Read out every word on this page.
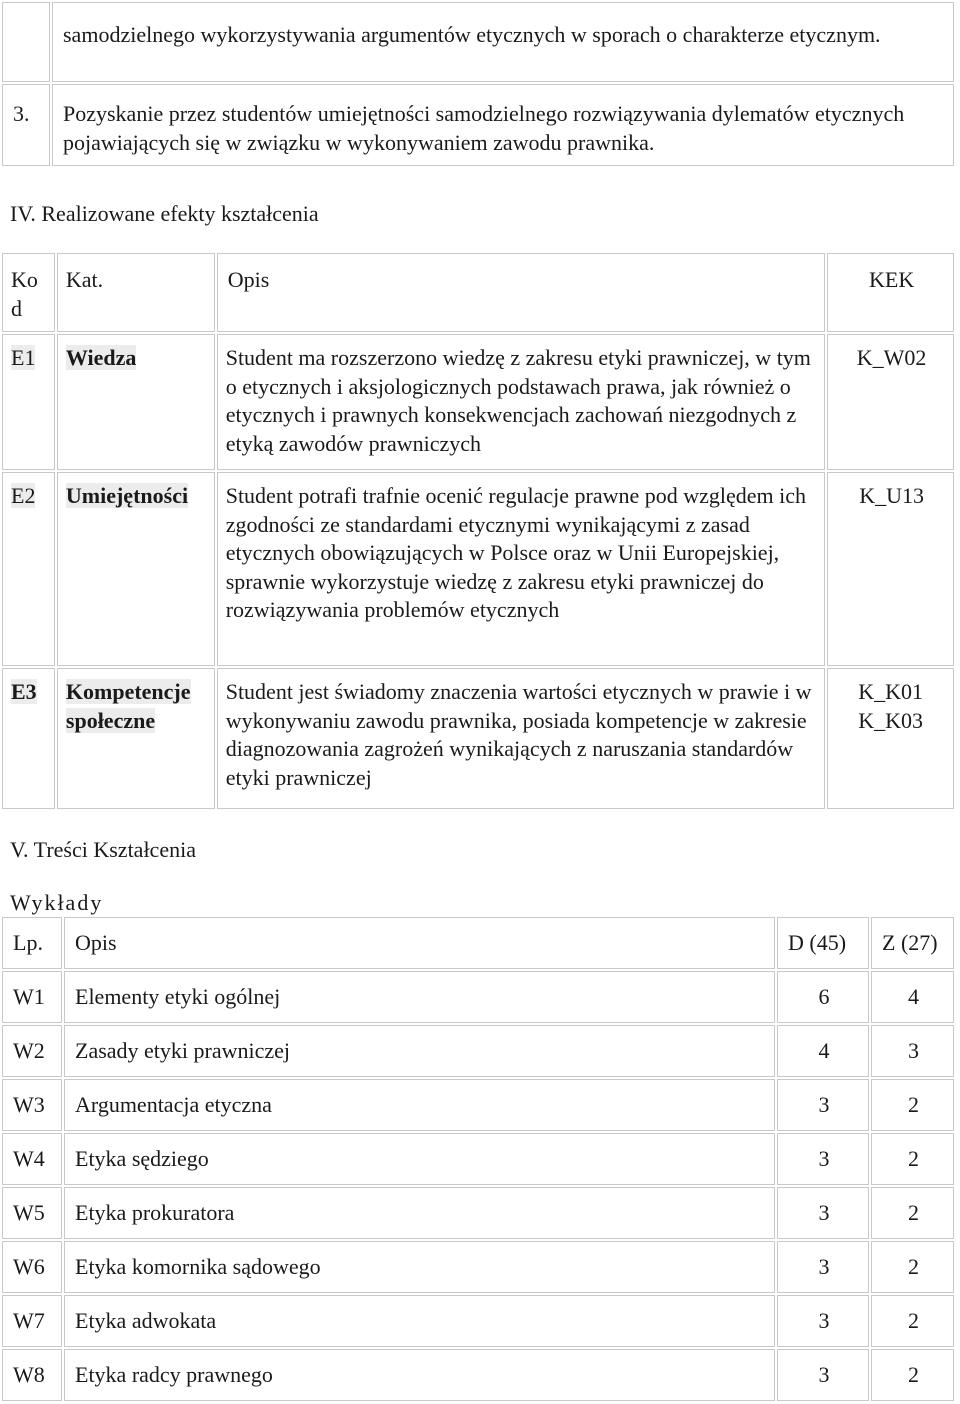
	samodzielnego wykorzystywania argumentów etycznych w sporach o charakterze etycznym.
3.	Pozyskanie przez studentów umiejętności samodzielnego rozwiązywania dylematów etycznych pojawiających się w związku w wykonywaniem zawodu prawnika.
IV. Realizowane efekty kształcenia
Ko d	Kat.	Opis	KEK
E1	Wiedza	Student ma rozszerzono wiedzę z zakresu etyki prawniczej, w tym o etycznych i aksjologicznych podstawach prawa, jak również o etycznych i prawnych konsekwencjach zachowań niezgodnych z etyką zawodów prawniczych	K_W02
E2	Umiejętności	Student potrafi trafnie ocenić regulacje prawne pod względem ich zgodności ze standardami etycznymi wynikającymi z zasad etycznych obowiązujących w Polsce oraz w Unii Europejskiej, sprawnie wykorzystuje wiedzę z zakresu etyki prawniczej do rozwiązywania problemów etycznych	K_U13
E3	Kompetencje społeczne	Student jest świadomy znaczenia wartości etycznych w prawie i w wykonywaniu zawodu prawnika, posiada kompetencje w zakresie diagnozowania zagrożeń wynikających z naruszania standardów etyki prawniczej	K_K01 K_K03
V. Treści Kształcenia
Wykłady
Lp.	Opis	D (45)	Z (27)
W1	Elementy etyki ogólnej	6	4
W2	Zasady etyki prawniczej	4	3
W3	Argumentacja etyczna	3	2
W4	Etyka sędziego	3	2
W5	Etyka prokuratora	3	2
W6	Etyka komornika sądowego	3	2
W7	Etyka adwokata	3	2
W8	Etyka radcy prawnego	3	2
